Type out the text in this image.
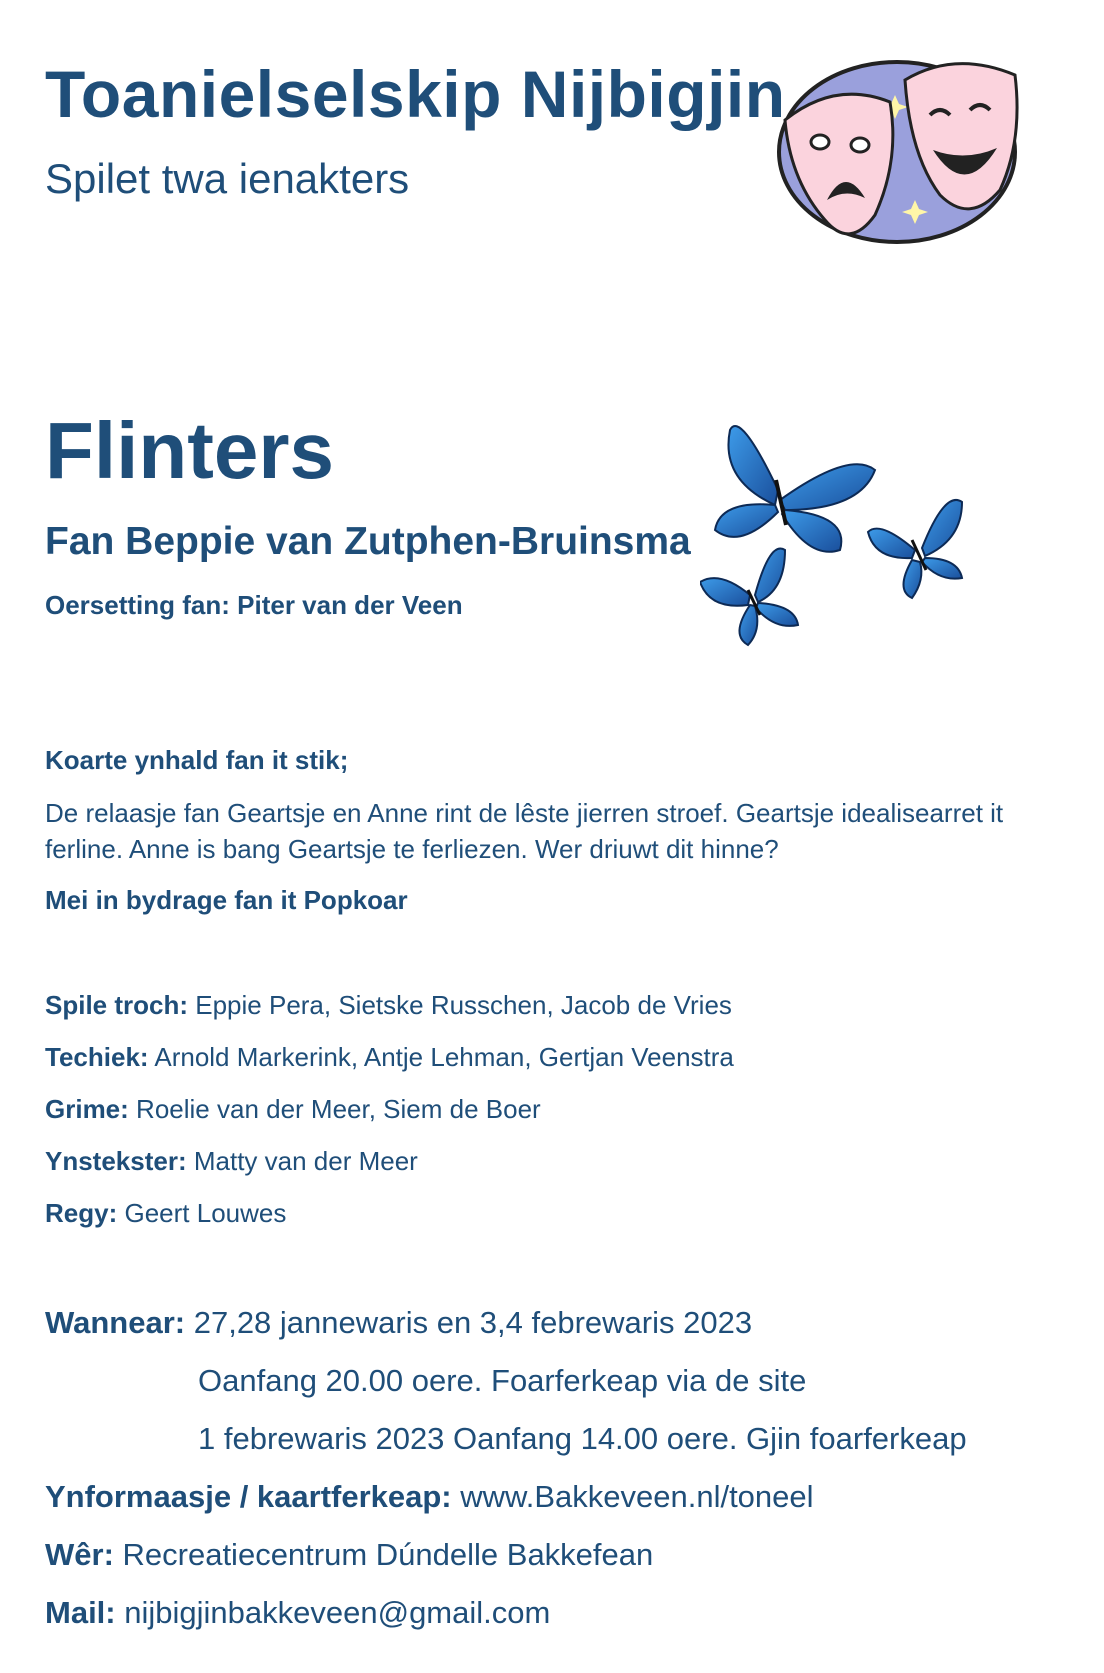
Toanielselskip Nijbigjin
Spilet twa ienakters
Flinters
Fan Beppie van Zutphen-Bruinsma
Oersetting fan: Piter van der Veen
Koarte ynhald fan it stik;
De relaasje fan Geartsje en Anne rint de lêste jierren stroef. Geartsje idealisearret it ferline. Anne is bang Geartsje te ferliezen. Wer driuwt dit hinne?
Mei in bydrage fan it Popkoar
Spile troch: Eppie Pera, Sietske Russchen, Jacob de Vries
Techiek: Arnold Markerink, Antje Lehman, Gertjan Veenstra
Grime: Roelie van der Meer, Siem de Boer
Ynstekster: Matty van der Meer
Regy: Geert Louwes
Wannear: 27,28 jannewaris en 3,4 febrewaris 2023
Oanfang 20.00 oere. Foarferkeap via de site
1 febrewaris 2023 Oanfang 14.00 oere. Gjin foarferkeap
Ynformaasje / kaartferkeap: www.Bakkeveen.nl/toneel
Wêr: Recreatiecentrum Dúndelle Bakkefean
Mail: nijbigjinbakkeveen@gmail.com
